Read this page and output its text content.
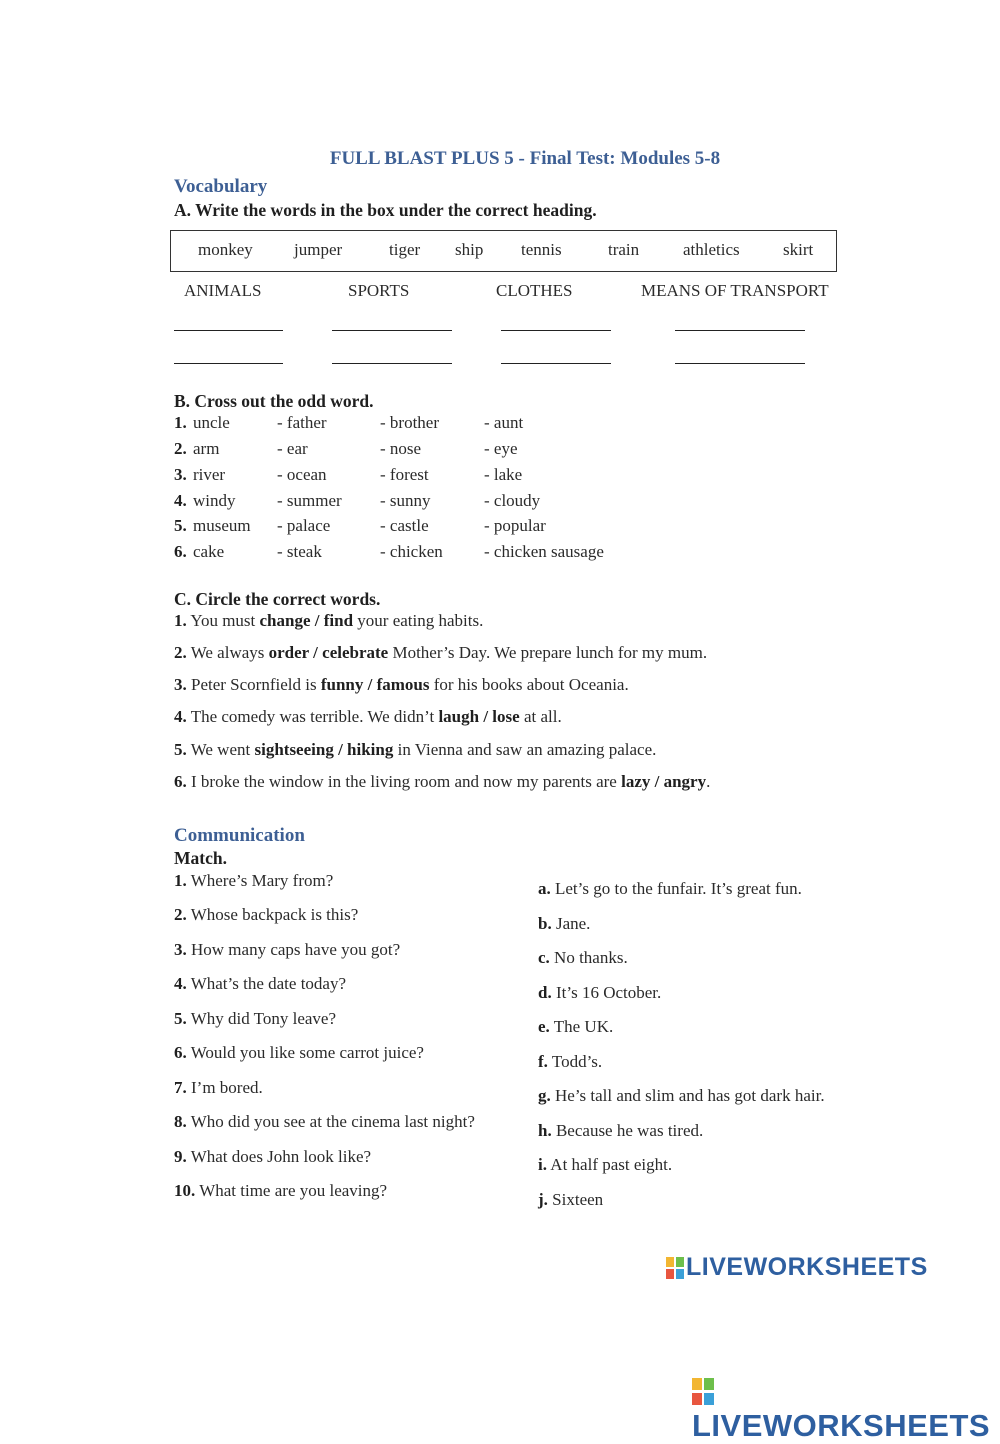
FULL BLAST PLUS 5 - Final Test: Modules 5-8
Vocabulary
A. Write the words in the box under the correct heading.
monkey jumper	tiger ship tennis	train	athletics	skirt
ANIMALS	SPORTS	CLOTHES	MEANS OF TRANSPORT
B. Cross out the odd word.
1. uncle	- father	- brother	- aunt
2. arm	- ear	- nose	- eye
3. river	- ocean	- forest	- lake
4. windy - summer - sunny	- cloudy
5. museum - palace	- castle	- popular
6. cake	- steak	- chicken - chicken sausage
C. Circle the correct words.
1. You must change / find your eating habits.
2. We always order / celebrate Mother’s Day. We prepare lunch for my mum.
3. Peter Scornfield is funny / famous for his books about Oceania.
4. The comedy was terrible. We didn’t laugh / lose at all.
5. We went sightseeing / hiking in Vienna and saw an amazing palace.
6. I broke the window in the living room and now my parents are lazy / angry.
Communication
Match.
1. Where’s Mary from?
2. Whose backpack is this?
3. How many caps have you got?
4. What’s the date today?
5. Why did Tony leave?
6. Would you like some carrot juice?
7. I’m bored.
8. Who did you see at the cinema last night?
9. What does John look like?
10. What time are you leaving?
a. Let’s go to the funfair. It’s great fun.
b. Jane.
c. No thanks.
d. It’s 16 October.
e. The UK.
f. Todd’s.
g. He’s tall and slim and has got dark hair.
h. Because he was tired.
i. At half past eight.
j. Sixteen
LIVEWORKSHEETS
LIVEWORKSHEETS
